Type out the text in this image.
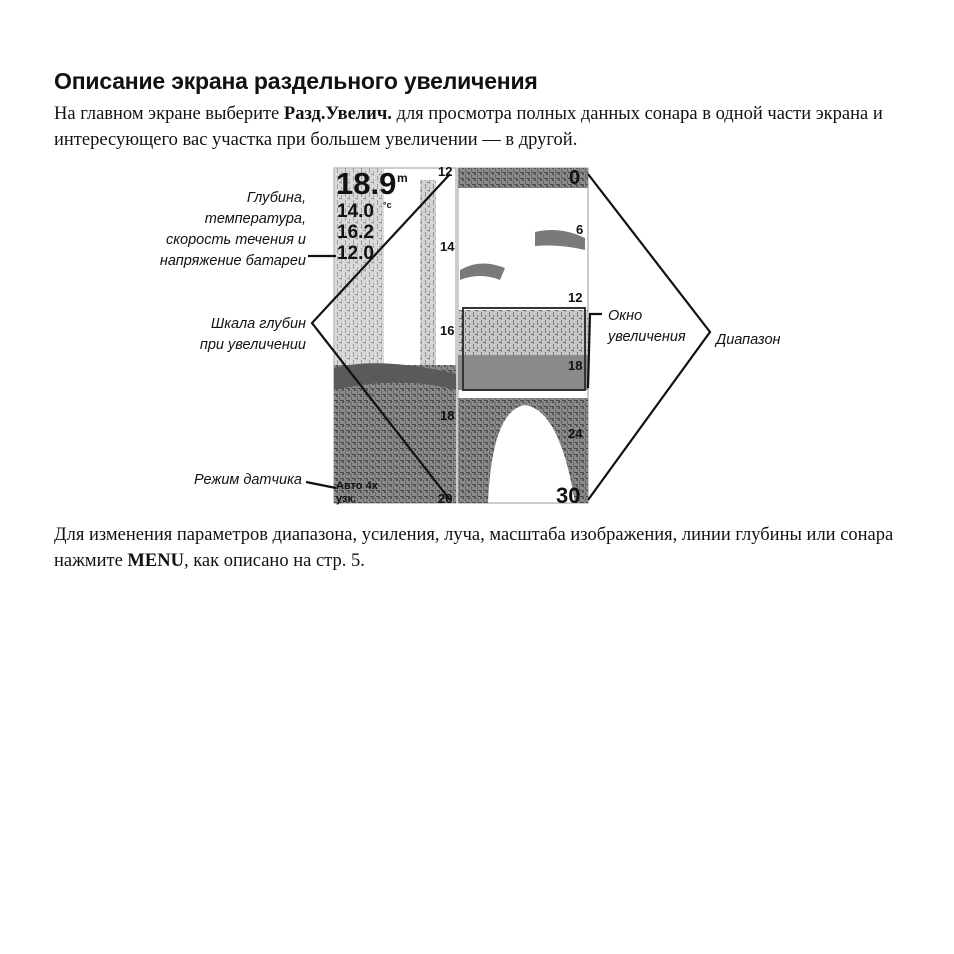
Описание экрана раздельного увеличения

На главном экране выберите Разд.Увелич. для просмотра полных данных сонара в одной части экрана и интересующего вас участка при большем увеличении — в другой.

Глубина,
температура,
скорость течения и
напряжение батареи
Шкала глубин
при увеличении
Режим датчика
Окно
увеличения Диапазон
18.9 m
14.0 °c
16.2
12.0
12
14
16
18
20
0
6
12
18
24
30
Авто 4x
узк.

Для изменения параметров диапазона, усиления, луча, масштаба изображения, линии глубины или сонара нажмите MENU, как описано на стр. 5.
